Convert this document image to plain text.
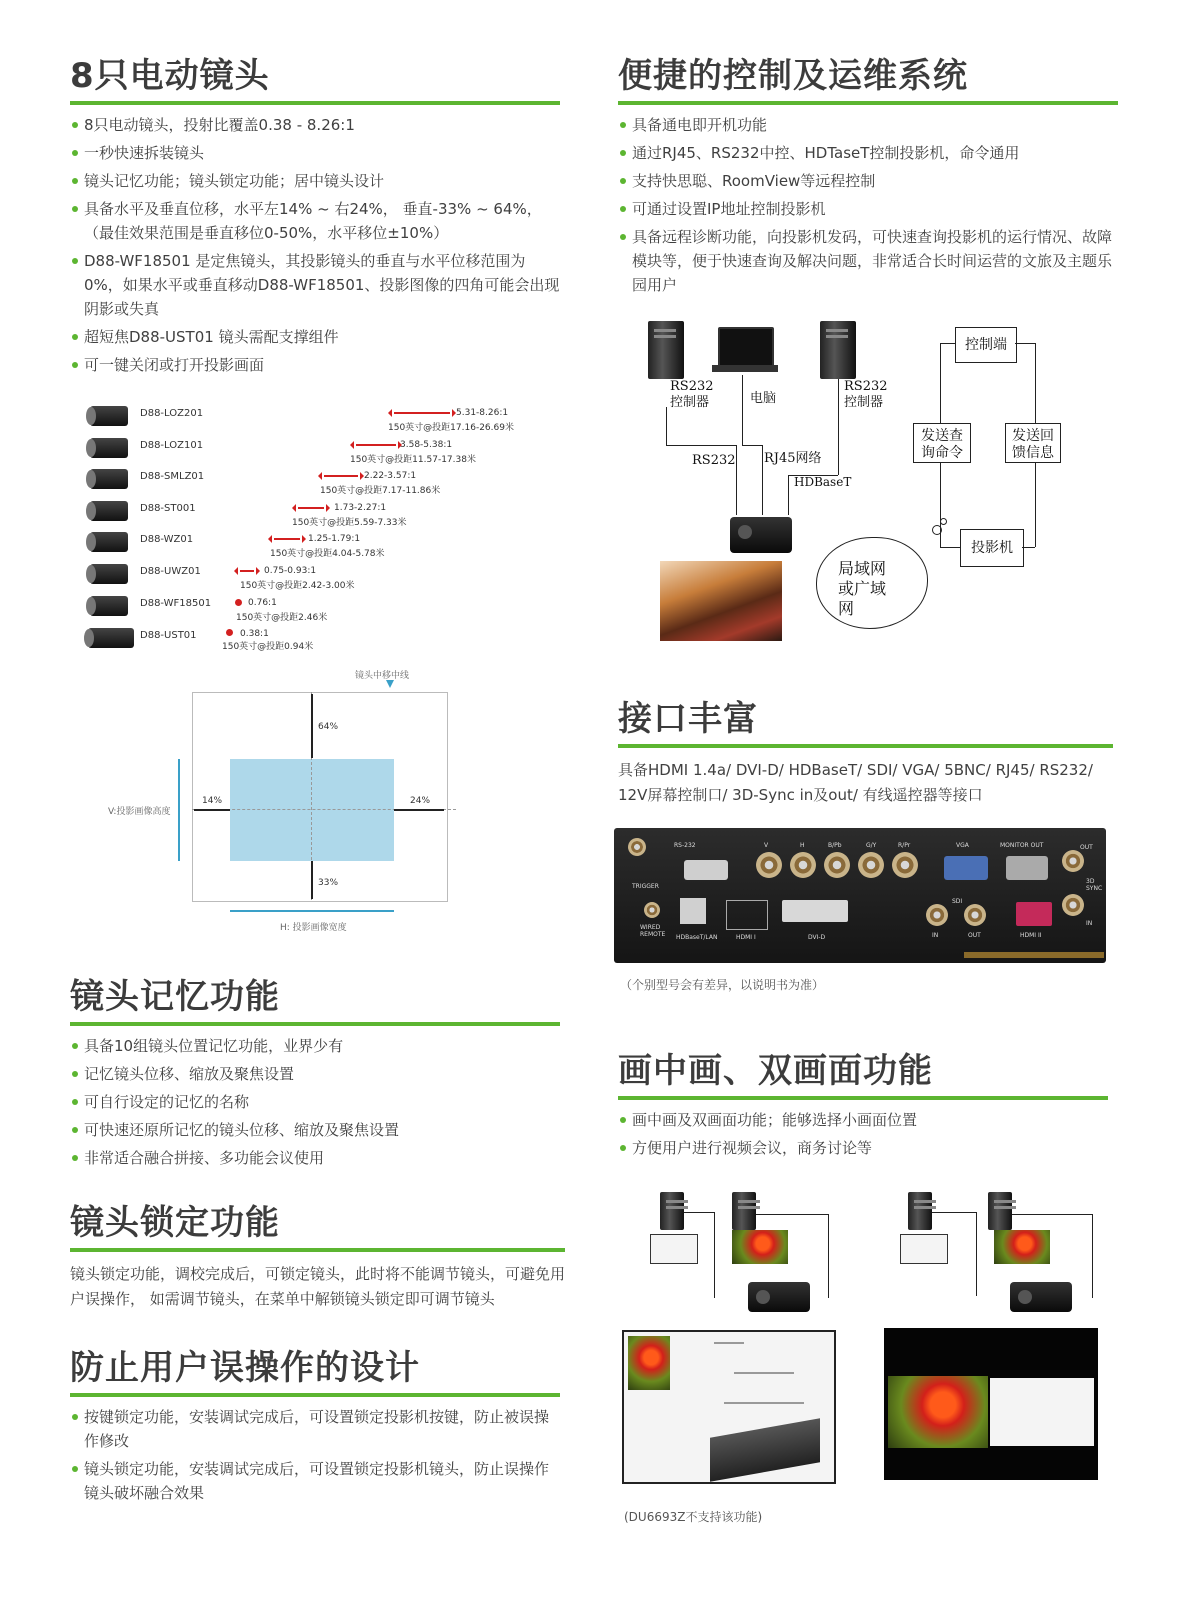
8只电动镜头
8只电动镜头，投射比覆盖0.38 - 8.26:1
一秒快速拆装镜头
镜头记忆功能；镜头锁定功能；居中镜头设计
具备水平及垂直位移，水平左14% ~ 右24%， 垂直-33% ~ 64%，（最佳效果范围是垂直移位0-50%，水平移位±10%）
D88-WF18501 是定焦镜头，其投影镜头的垂直与水平位移范围为0%，如果水平或垂直移动D88-WF18501、投影图像的四角可能会出现阴影或失真
超短焦D88-UST01 镜头需配支撑组件
可一键关闭或打开投影画面
D88-LOZ201	5.31-8.26:1
150英寸@投距17.16-26.69米
D88-LOZ101	3.58-5.38:1
150英寸@投距11.57-17.38米
D88-SMLZ01	2.22-3.57:1
150英寸@投距7.17-11.86米
D88-ST001	1.73-2.27:1
150英寸@投距5.59-7.33米
D88-WZ01	1.25-1.79:1
150英寸@投距4.04-5.78米
D88-UWZ01	0.75-0.93:1
150英寸@投距2.42-3.00米
D88-WF18501	0.76:1
150英寸@投距2.46米
D88-UST01	0.38:1
150英寸@投距0.94米
镜头中移中线
64%
33%
14%	24%
V:投影画像高度
H: 投影画像宽度
镜头记忆功能
具备10组镜头位置记忆功能，业界少有
记忆镜头位移、缩放及聚焦设置
可自行设定的记忆的名称
可快速还原所记忆的镜头位移、缩放及聚焦设置
非常适合融合拼接、多功能会议使用
镜头锁定功能

镜头锁定功能，调校完成后，可锁定镜头，此时将不能调节镜头，可避免用户误操作， 如需调节镜头，在菜单中解锁镜头锁定即可调节镜头

防止用户误操作的设计
按键锁定功能，安装调试完成后，可设置锁定投影机按键，防止被误操作修改
镜头锁定功能，安装调试完成后，可设置锁定投影机镜头，防止误操作镜头破坏融合效果
便捷的控制及运维系统
具备通电即开机功能
通过RJ45、RS232中控、HDTaseT控制投影机，命令通用
支持快思聪、RoomView等远程控制
可通过设置IP地址控制投影机
具备远程诊断功能，向投影机发码，可快速查询投影机的运行情况、故障模块等，便于快速查询及解决问题，非常适合长时间运营的文旅及主题乐园用户
RS232
控制器	电脑
RS232
控制器
RS232 RJ45网络
HDBaseT
控制端
发送查
询命令
发送回
馈信息
投影机
局域网
或广域
网
接口丰富

具备HDMI 1.4a/ DVI-D/ HDBaseT/ SDI/ VGA/ 5BNC/ RJ45/ RS232/ 12V屏幕控制口/ 3D-Sync in及out/ 有线遥控器等接口

RS-232
TRIGGER
WIRED
REMOTE HDBaseT/LAN	HDMI I	DVI-D
V	H	B/Pb	G/Y	R/Pr	VGA	MONITOR OUT	OUT
3D
SYNC
IN
SDI
IN	OUT	HDMI II
（个别型号会有差异，以说明书为准）
画中画、双画面功能
画中画及双画面功能；能够选择小画面位置
方便用户进行视频会议，商务讨论等
(DU6693Z不支持该功能)
